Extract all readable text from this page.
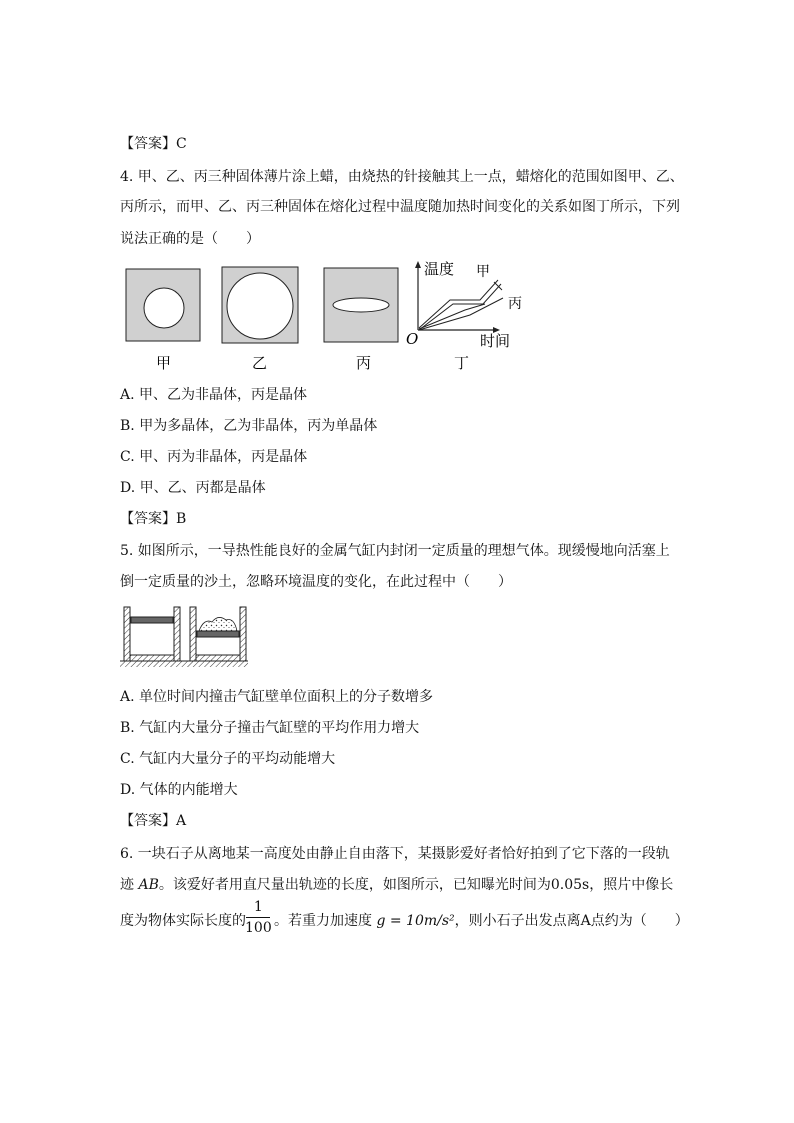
【答案】C
4. 甲、乙、丙三种固体薄片涂上蜡，由烧热的针接触其上一点，蜡熔化的范围如图甲、乙、
丙所示，而甲、乙、丙三种固体在熔化过程中温度随加热时间变化的关系如图丁所示，下列
说法正确的是（　　）
温度 甲
丙
O	时间
甲	乙	丙	丁
A. 甲、乙为非晶体，丙是晶体
B. 甲为多晶体，乙为非晶体，丙为单晶体
C. 甲、丙为非晶体，丙是晶体
D. 甲、乙、丙都是晶体
【答案】B
5. 如图所示，一导热性能良好的金属气缸内封闭一定质量的理想气体。现缓慢地向活塞上
倒一定质量的沙土，忽略环境温度的变化，在此过程中（　　）
A. 单位时间内撞击气缸壁单位面积上的分子数增多
B. 气缸内大量分子撞击气缸壁的平均作用力增大
C. 气缸内大量分子的平均动能增大
D. 气体的内能增大
【答案】A
6. 一块石子从离地某一高度处由静止自由落下，某摄影爱好者恰好拍到了它下落的一段轨
迹 AB。该爱好者用直尺量出轨迹的长度，如图所示，已知曝光时间为0.05s，照片中像长
度为物体实际长度的
1
100 。若重力加速度 g = 10m/s²，则小石子出发点离A点约为（　　）
